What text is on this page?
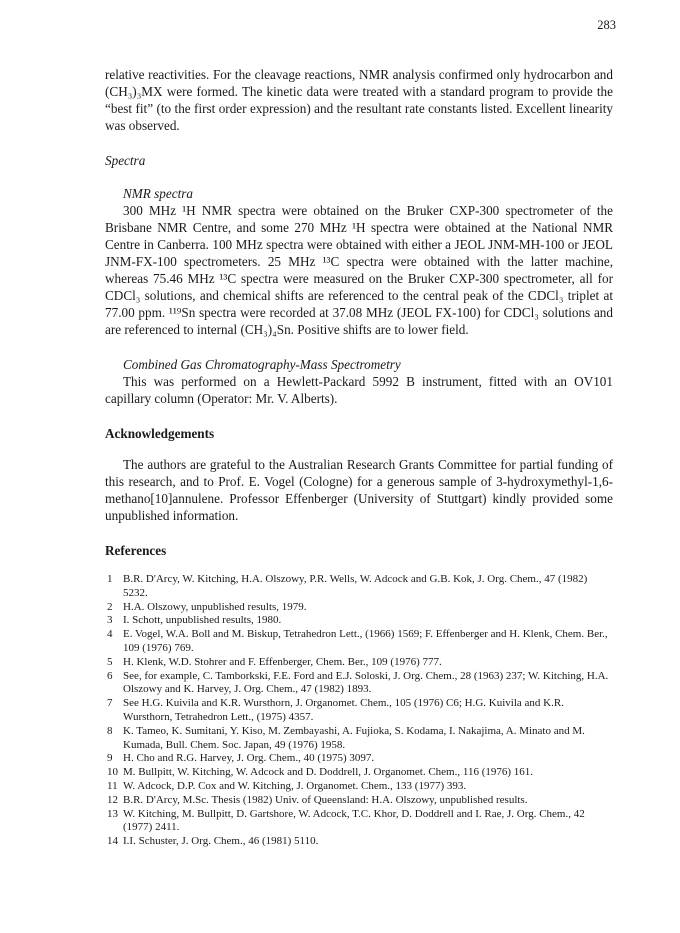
283

relative reactivities. For the cleavage reactions, NMR analysis confirmed only hydrocarbon and (CH₃)₃MX were formed. The kinetic data were treated with a standard program to provide the “best fit” (to the first order expression) and the resultant rate constants listed. Excellent linearity was observed.

Spectra

NMR spectra

300 MHz ¹H NMR spectra were obtained on the Bruker CXP-300 spectrometer of the Brisbane NMR Centre, and some 270 MHz ¹H spectra were obtained at the National NMR Centre in Canberra. 100 MHz spectra were obtained with either a JEOL JNM-MH-100 or JEOL JNM-FX-100 spectrometers. 25 MHz ¹³C spectra were obtained with the latter machine, whereas 75.46 MHz ¹³C spectra were measured on the Bruker CXP-300 spectrometer, all for CDCl₃ solutions, and chemical shifts are referenced to the central peak of the CDCl₃ triplet at 77.00 ppm. ¹¹⁹Sn spectra were recorded at 37.08 MHz (JEOL FX-100) for CDCl₃ solutions and are referenced to internal (CH₃)₄Sn. Positive shifts are to lower field.

Combined Gas Chromatography-Mass Spectrometry

This was performed on a Hewlett-Packard 5992 B instrument, fitted with an OV101 capillary column (Operator: Mr. V. Alberts).

Acknowledgements

The authors are grateful to the Australian Research Grants Committee for partial funding of this research, and to Prof. E. Vogel (Cologne) for a generous sample of 3-hydroxymethyl-1,6-methano[10]annulene. Professor Effenberger (University of Stuttgart) kindly provided some unpublished information.

References

1 B.R. D'Arcy, W. Kitching, H.A. Olszowy, P.R. Wells, W. Adcock and G.B. Kok, J. Org. Chem., 47 (1982) 5232.
2 H.A. Olszowy, unpublished results, 1979.
3 I. Schott, unpublished results, 1980.
4 E. Vogel, W.A. Boll and M. Biskup, Tetrahedron Lett., (1966) 1569; F. Effenberger and H. Klenk, Chem. Ber., 109 (1976) 769.
5 H. Klenk, W.D. Stohrer and F. Effenberger, Chem. Ber., 109 (1976) 777.
6 See, for example, C. Tamborkski, F.E. Ford and E.J. Soloski, J. Org. Chem., 28 (1963) 237; W. Kitching, H.A. Olszowy and K. Harvey, J. Org. Chem., 47 (1982) 1893.
7 See H.G. Kuivila and K.R. Wursthorn, J. Organomet. Chem., 105 (1976) C6; H.G. Kuivila and K.R. Wursthorn, Tetrahedron Lett., (1975) 4357.
8 K. Tameo, K. Sumitani, Y. Kiso, M. Zembayashi, A. Fujioka, S. Kodama, I. Nakajima, A. Minato and M. Kumada, Bull. Chem. Soc. Japan, 49 (1976) 1958.
9 H. Cho and R.G. Harvey, J. Org. Chem., 40 (1975) 3097.
10 M. Bullpitt, W. Kitching, W. Adcock and D. Doddrell, J. Organomet. Chem., 116 (1976) 161.
11 W. Adcock, D.P. Cox and W. Kitching, J. Organomet. Chem., 133 (1977) 393.
12 B.R. D'Arcy, M.Sc. Thesis (1982) Univ. of Queensland: H.A. Olszowy, unpublished results.
13 W. Kitching, M. Bullpitt, D. Gartshore, W. Adcock, T.C. Khor, D. Doddrell and I. Rae, J. Org. Chem., 42 (1977) 2411.
14 I.I. Schuster, J. Org. Chem., 46 (1981) 5110.
